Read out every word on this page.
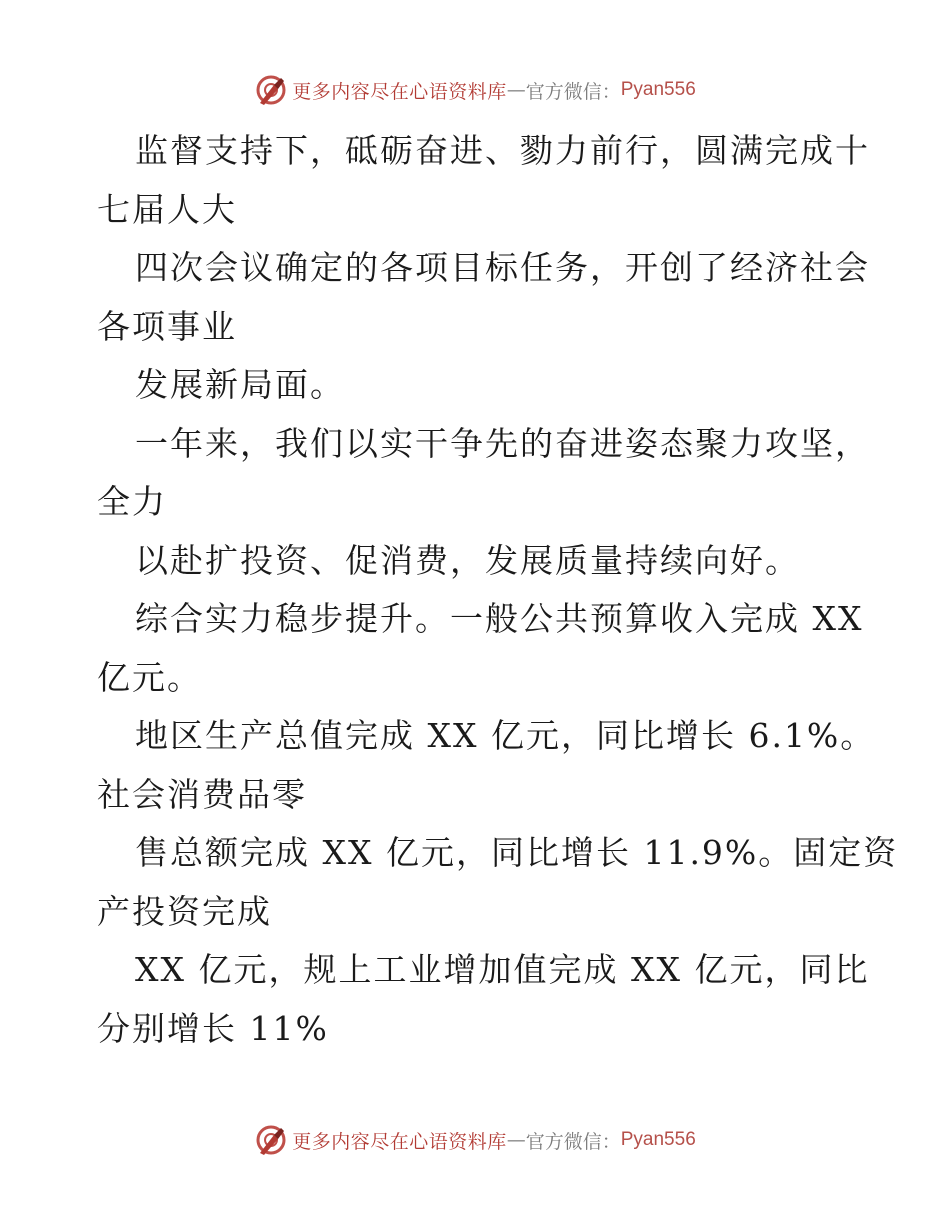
更多内容尽在心语资料库 — 官方微信： Pyan556
监督支持下，砥砺奋进、勠力前行，圆满完成十
七届人大
四次会议确定的各项目标任务，开创了经济社会
各项事业
发展新局面。
一年来，我们以实干争先的奋进姿态聚力攻坚，
全力
以赴扩投资、促消费，发展质量持续向好。
综合实力稳步提升。一般公共预算收入完成 XX
亿元。
地区生产总值完成 XX 亿元，同比增长 6.1%。
社会消费品零
售总额完成 XX 亿元，同比增长 11.9%。固定资
产投资完成
XX 亿元，规上工业增加值完成 XX 亿元，同比
分别增长 11%
更多内容尽在心语资料库 — 官方微信： Pyan556
